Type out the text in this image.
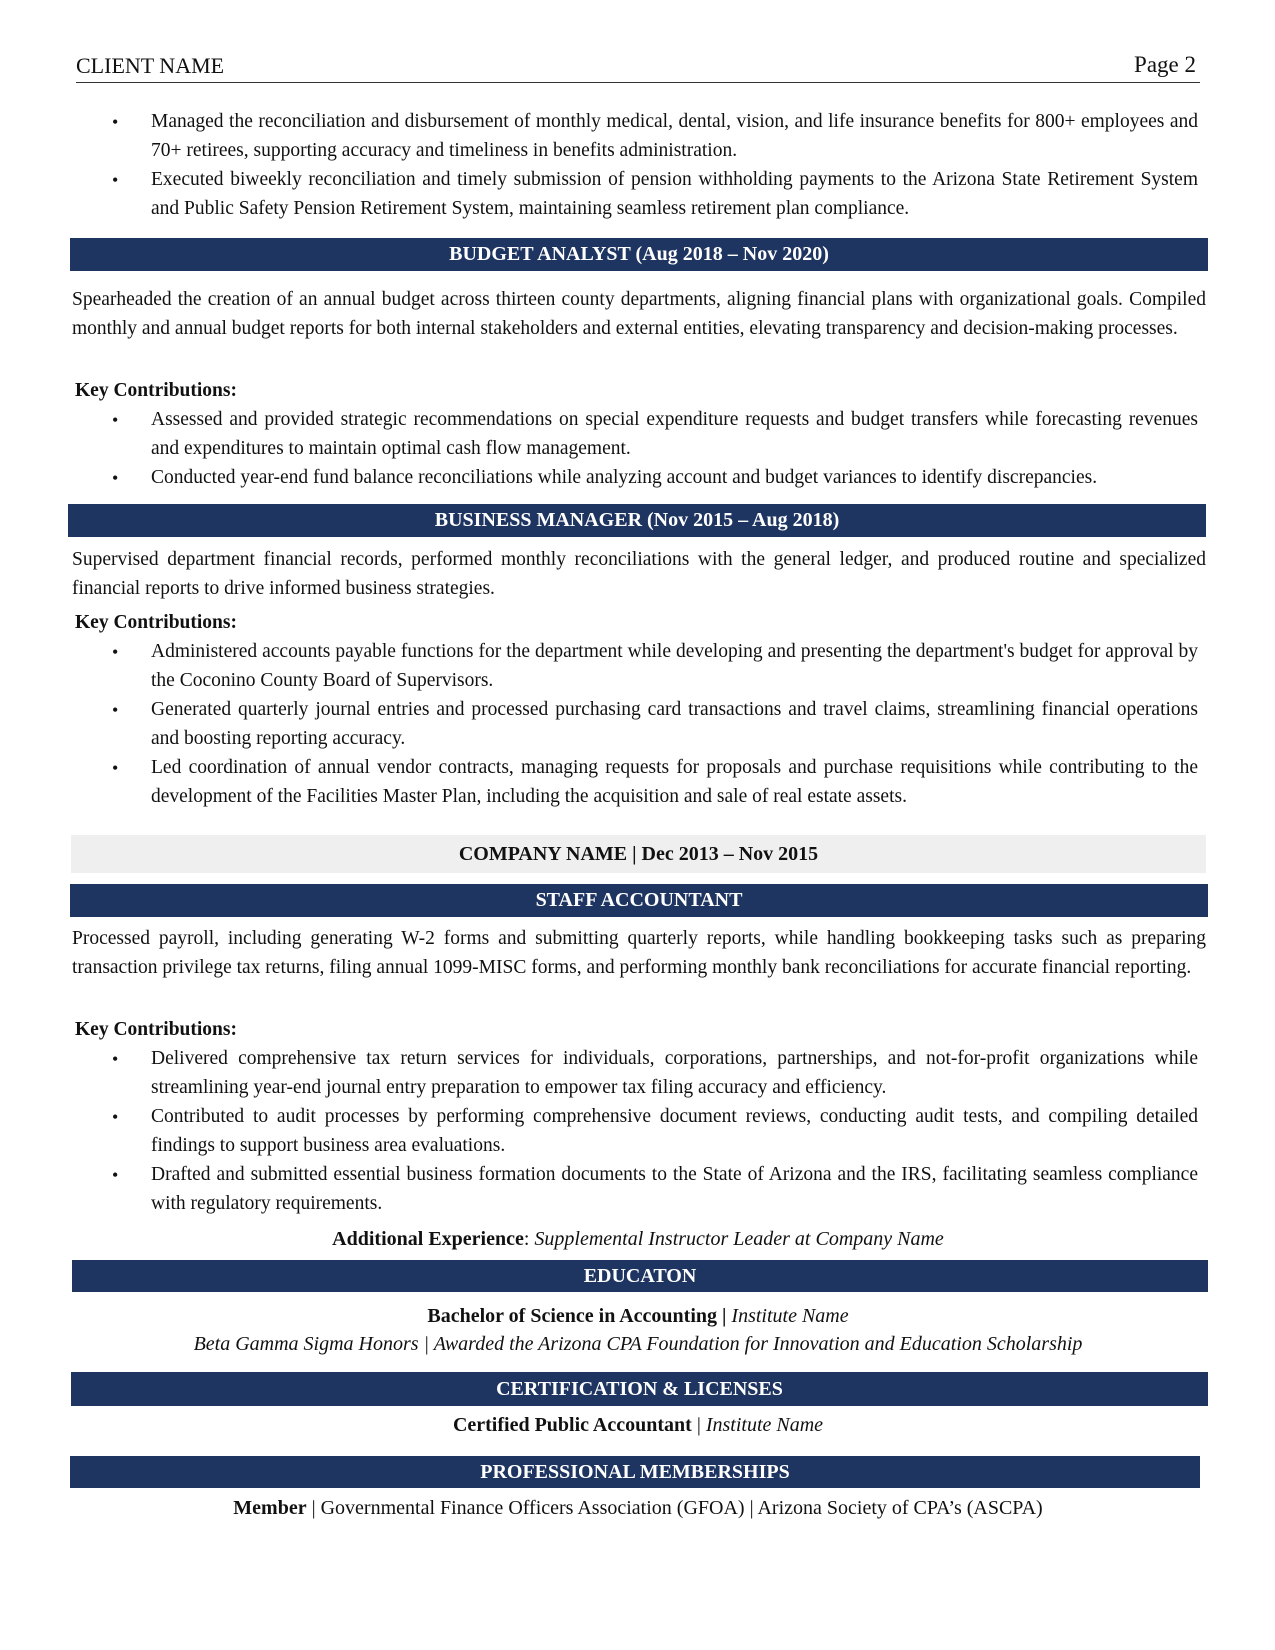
CLIENT NAME	Page 2
• Managed the reconciliation and disbursement of monthly medical, dental, vision, and life insurance benefits for 800+ employees and 70+ retirees, supporting accuracy and timeliness in benefits administration.
• Executed biweekly reconciliation and timely submission of pension withholding payments to the Arizona State Retirement System and Public Safety Pension Retirement System, maintaining seamless retirement plan compliance.
BUDGET ANALYST (Aug 2018 – Nov 2020)
Spearheaded the creation of an annual budget across thirteen county departments, aligning financial plans with organizational goals. Compiled monthly and annual budget reports for both internal stakeholders and external entities, elevating transparency and decision-making processes.
Key Contributions:
• Assessed and provided strategic recommendations on special expenditure requests and budget transfers while forecasting revenues and expenditures to maintain optimal cash flow management.
• Conducted year-end fund balance reconciliations while analyzing account and budget variances to identify discrepancies.
BUSINESS MANAGER (Nov 2015 – Aug 2018)
Supervised department financial records, performed monthly reconciliations with the general ledger, and produced routine and specialized financial reports to drive informed business strategies.
Key Contributions:
• Administered accounts payable functions for the department while developing and presenting the department's budget for approval by the Coconino County Board of Supervisors.
• Generated quarterly journal entries and processed purchasing card transactions and travel claims, streamlining financial operations and boosting reporting accuracy.
• Led coordination of annual vendor contracts, managing requests for proposals and purchase requisitions while contributing to the development of the Facilities Master Plan, including the acquisition and sale of real estate assets.
COMPANY NAME | Dec 2013 – Nov 2015
STAFF ACCOUNTANT
Processed payroll, including generating W-2 forms and submitting quarterly reports, while handling bookkeeping tasks such as preparing transaction privilege tax returns, filing annual 1099-MISC forms, and performing monthly bank reconciliations for accurate financial reporting.
Key Contributions:
• Delivered comprehensive tax return services for individuals, corporations, partnerships, and not-for-profit organizations while streamlining year-end journal entry preparation to empower tax filing accuracy and efficiency.
• Contributed to audit processes by performing comprehensive document reviews, conducting audit tests, and compiling detailed findings to support business area evaluations.
• Drafted and submitted essential business formation documents to the State of Arizona and the IRS, facilitating seamless compliance with regulatory requirements.
Additional Experience: Supplemental Instructor Leader at Company Name
EDUCATON
Bachelor of Science in Accounting | Institute Name
Beta Gamma Sigma Honors | Awarded the Arizona CPA Foundation for Innovation and Education Scholarship
CERTIFICATION & LICENSES
Certified Public Accountant | Institute Name
PROFESSIONAL MEMBERSHIPS
Member | Governmental Finance Officers Association (GFOA) | Arizona Society of CPA’s (ASCPA)
